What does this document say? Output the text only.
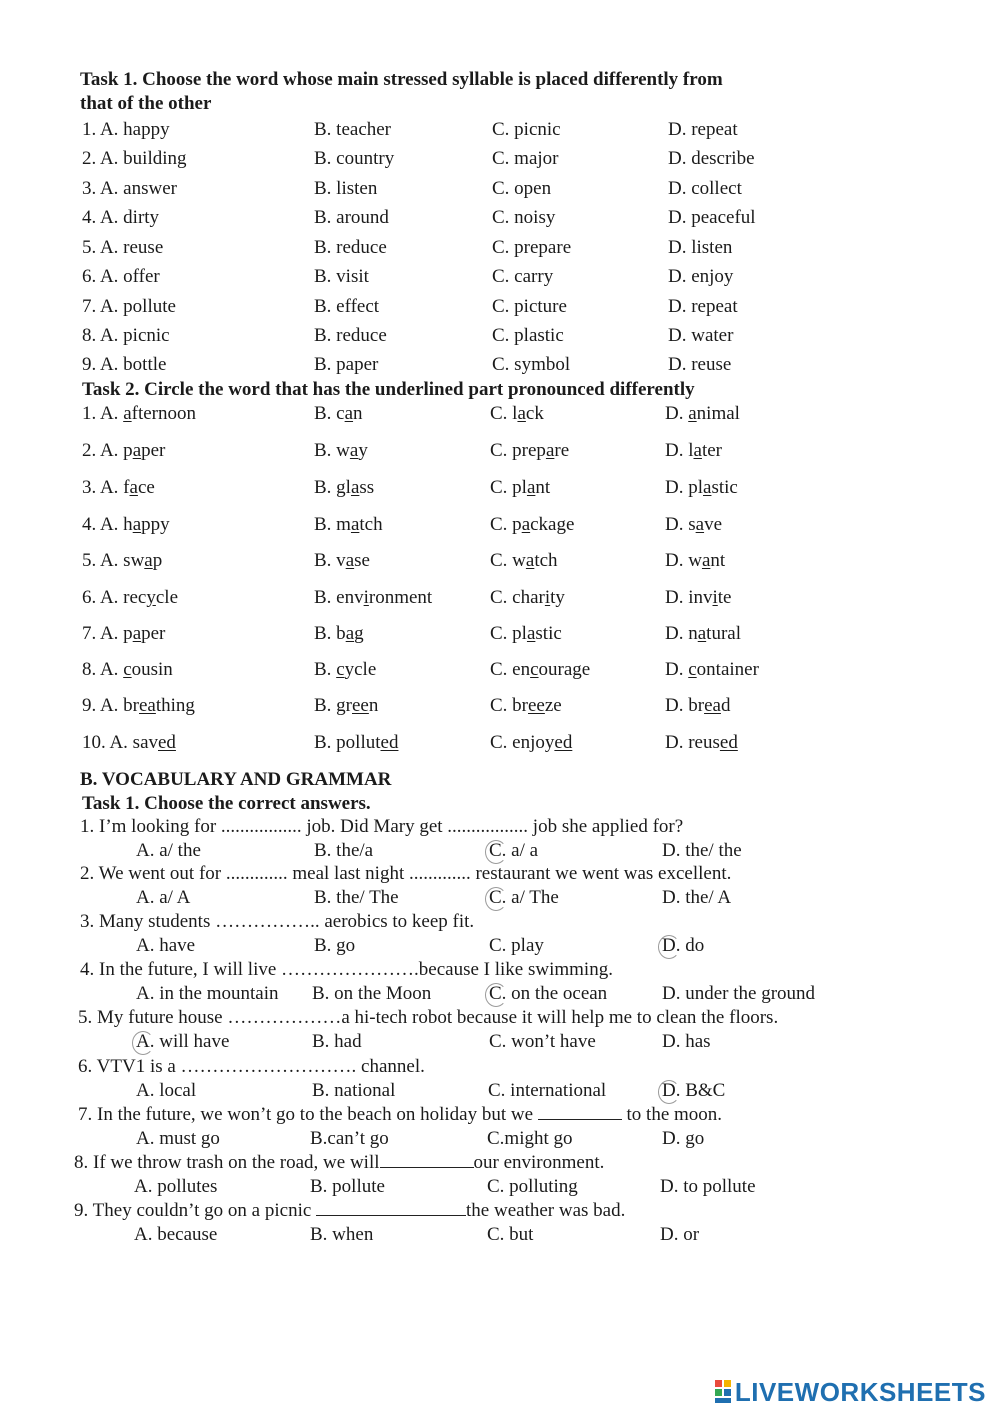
Task 1. Choose the word whose main stressed syllable is placed differently from
that of the other
1. A. happy	B. teacher	C. picnic	D. repeat
2. A. building	B. country	C. major	D. describe
3. A. answer	B. listen	C. open	D. collect
4. A. dirty	B. around	C. noisy	D. peaceful
5. A. reuse	B. reduce	C. prepare	D. listen
6. A. offer	B. visit	C. carry	D. enjoy
7. A. pollute	B. effect	C. picture	D. repeat
8. A. picnic	B. reduce	C. plastic	D. water
9. A. bottle	B. paper	C. symbol	D. reuse
Task 2. Circle the word that has the underlined part pronounced differently
1. A. afternoon	B. can	C. lack	D. animal
2. A. paper	B. way	C. prepare	D. later
3. A. face	B. glass	C. plant	D. plastic
4. A. happy	B. match	C. package	D. save
5. A. swap	B. vase	C. watch	D. want
6. A. recycle	B. environment	C. charity	D. invite
7. A. paper	B. bag	C. plastic	D. natural
8. A. cousin	B. cycle	C. encourage	D. container
9. A. breathing	B. green	C. breeze	D. bread
10. A. saved	B. polluted	C. enjoyed	D. reused
B. VOCABULARY AND GRAMMAR
Task 1. Choose the correct answers.
1. I’m looking for ................. job. Did Mary get ................. job she applied for?
A. a/ the	B. the/a	C. a/ a	D. the/ the
2. We went out for ............. meal last night ............. restaurant we went was excellent.
A. a/ A	B. the/ The	C. a/ The	D. the/ A
3. Many students …………….. aerobics to keep fit.
A. have	B. go	C. play	D. do
4. In the future, I will live ………………….because I like swimming.
A. in the mountain B. on the Moon	C. on the ocean	D. under the ground
5. My future house ………………a hi-tech robot because it will help me to clean the floors.
A. will have	B. had	C. won’t have	D. has
6. VTV1 is a ………………………. channel.
A. local	B. national	C. international	D. B&C
7. In the future, we won’t go to the beach on holiday but we	to the moon.
A. must go	B.can’t go	C.might go	D. go
8. If we throw trash on the road, we will	our environment.
A. pollutes	B. pollute	C. polluting	D. to pollute
9. They couldn’t go on a picnic	the weather was bad.
A. because	B. when	C. but	D. or
LIVEWORKSHEETS
